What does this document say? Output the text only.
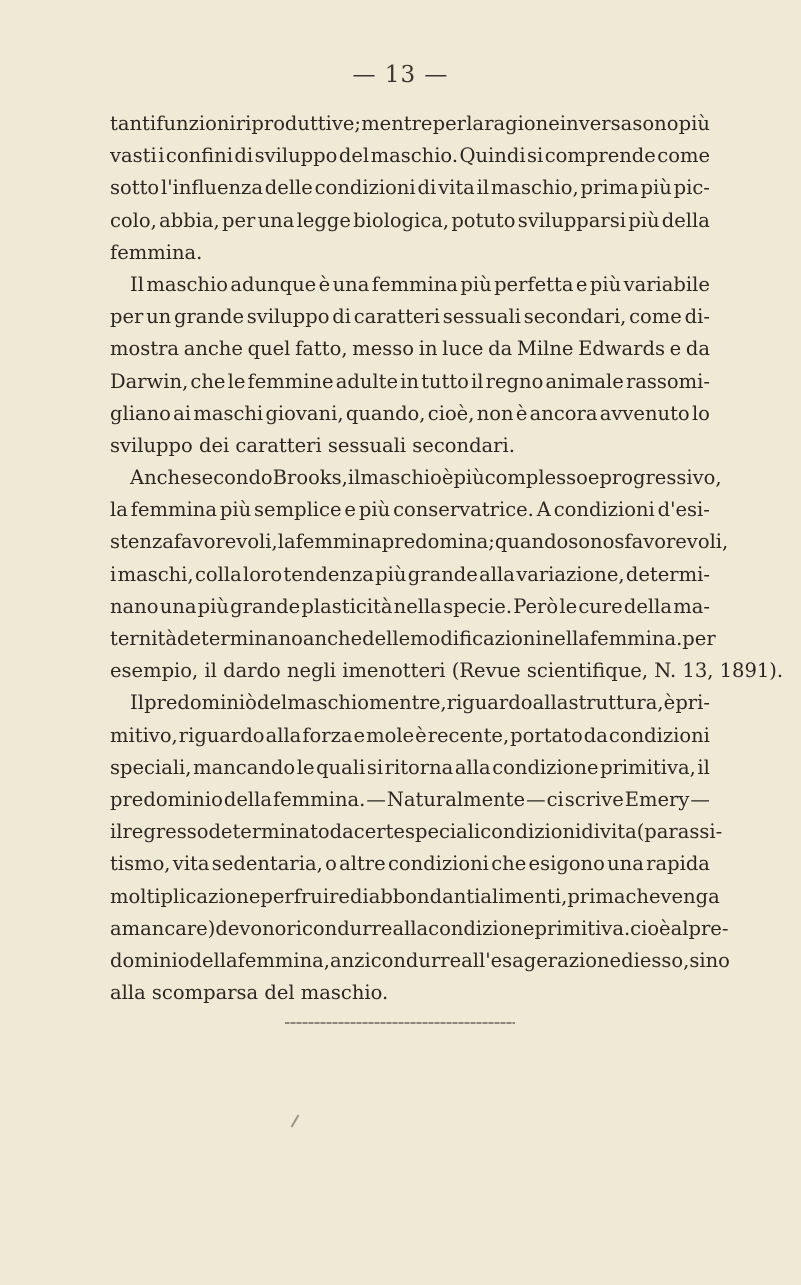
— 13 —
tanti funzioni riproduttive; mentre per la ragione inversa sono più
vasti i confini di sviluppo del maschio. Quindi si comprende come
sotto l'influenza delle condizioni di vita il maschio, prima più pic-
colo, abbia, per una legge biologica, potuto svilupparsi più della
femmina.
Il maschio adunque è una femmina più perfetta e più variabile
per un grande sviluppo di caratteri sessuali secondari, come di-
mostra anche quel fatto, messo in luce da Milne Edwards e da
Darwin, che le femmine adulte in tutto il regno animale rassomi-
gliano ai maschi giovani, quando, cioè, non è ancora avvenuto lo
sviluppo dei caratteri sessuali secondari.
Anche secondo Brooks, il maschio è più complesso e progressivo,
la femmina più semplice e più conservatrice. A condizioni d'esi-
stenza favorevoli, la femmina predomina; quando sono sfavorevoli,
i maschi, colla loro tendenza più grande alla variazione, determi-
nano una più grande plasticità nella specie. Però le cure della ma-
ternità determinano anche delle modificazioni nella femmina. per
esempio, il dardo negli imenotteri (Revue scientifique, N. 13, 1891).
Il predominiò del maschio mentre, riguardo alla struttura, è pri-
mitivo, riguardo alla forza e mole è recente, portato da condizioni
speciali, mancando le quali si ritorna alla condizione primitiva, il
predominio della femmina. — Naturalmente — ci scrive Emery —
il regresso determinato da certe speciali condizioni di vita (parassi-
tismo, vita sedentaria, o altre condizioni che esigono una rapida
moltiplicazione per fruire di abbondanti alimenti, prima che venga
a mancare) devono ricondurre alla condizione primitiva. cioè al pre-
dominio della femmina, anzi condurre all'esagerazione di esso, sino
alla scomparsa del maschio.
